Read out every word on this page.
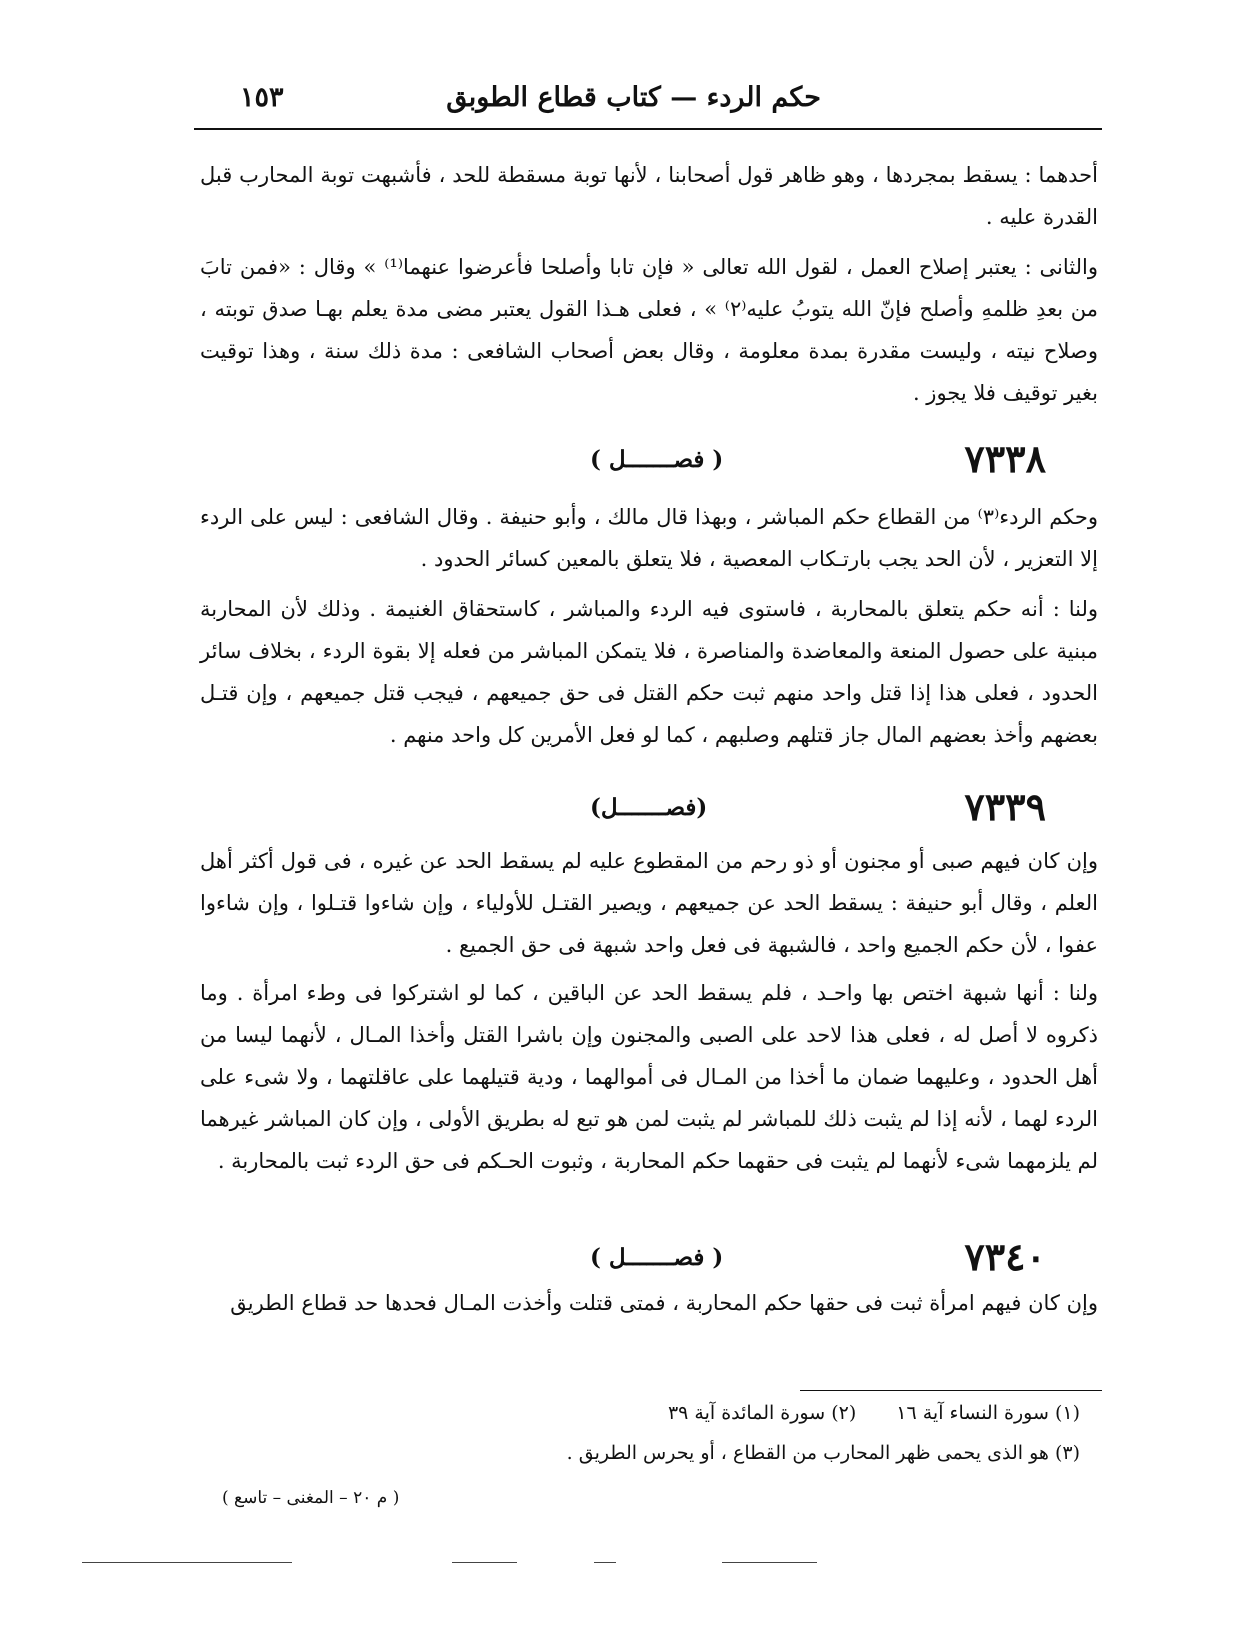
حكم الردء — كتاب قطاع الطوبق
١٥٣

أحدهما : يسقط بمجردها ، وهو ظاهر قول أصحابنا ، لأنها توبة مسقطة للحد ، فأشبهت توبة المحارب قبل القدرة عليه .

والثانى : يعتبر إصلاح العمل ، لقول الله تعالى « فإن تابا وأصلحا فأعرضوا عنهما⁽¹⁾ » وقال : «فمن تابَ من بعدِ ظلمهِ وأصلح فإنّ الله يتوبُ عليه⁽٢⁾ » ، فعلى هـذا القول يعتبر مضى مدة يعلم بهـا صدق توبته ، وصلاح نيته ، وليست مقدرة بمدة معلومة ، وقال بعض أصحاب الشافعى : مدة ذلك سنة ، وهذا توقيت بغير توقيف فلا يجوز .

٧٣٣٨
( فصـــــــل )

وحكم الردء⁽٣⁾ من القطاع حكم المباشر ، وبهذا قال مالك ، وأبو حنيفة . وقال الشافعى : ليس على الردء إلا التعزير ، لأن الحد يجب بارتـكاب المعصية ، فلا يتعلق بالمعين كسائر الحدود .

ولنا : أنه حكم يتعلق بالمحاربة ، فاستوى فيه الردء والمباشر ، كاستحقاق الغنيمة . وذلك لأن المحاربة مبنية على حصول المنعة والمعاضدة والمناصرة ، فلا يتمكن المباشر من فعله إلا بقوة الردء ، بخلاف سائر الحدود ، فعلى هذا إذا قتل واحد منهم ثبت حكم القتل فى حق جميعهم ، فيجب قتل جميعهم ، وإن قتـل بعضهم وأخذ بعضهم المال جاز قتلهم وصلبهم ، كما لو فعل الأمرين كل واحد منهم .

٧٣٣٩
(فصـــــــل)

وإن كان فيهم صبى أو مجنون أو ذو رحم من المقطوع عليه لم يسقط الحد عن غيره ، فى قول أكثر أهل العلم ، وقال أبو حنيفة : يسقط الحد عن جميعهم ، ويصير القتـل للأولياء ، وإن شاءوا قتـلوا ، وإن شاءوا عفوا ، لأن حكم الجميع واحد ، فالشبهة فى فعل واحد شبهة فى حق الجميع .

ولنا : أنها شبهة اختص بها واحـد ، فلم يسقط الحد عن الباقين ، كما لو اشتركوا فى وطء امرأة . وما ذكروه لا أصل له ، فعلى هذا لاحد على الصبى والمجنون وإن باشرا القتل وأخذا المـال ، لأنهما ليسا من أهل الحدود ، وعليهما ضمان ما أخذا من المـال فى أموالهما ، ودية قتيلهما على عاقلتهما ، ولا شىء على الردء لهما ، لأنه إذا لم يثبت ذلك للمباشر لم يثبت لمن هو تبع له بطريق الأولى ، وإن كان المباشر غيرهما لم يلزمهما شىء لأنهما لم يثبت فى حقهما حكم المحاربة ، وثبوت الحـكم فى حق الردء ثبت بالمحاربة .

٧٣٤٠
( فصـــــــل )

وإن كان فيهم امرأة ثبت فى حقها حكم المحاربة ، فمتى قتلت وأخذت المـال فحدها حد قطاع الطريق

(١) سورة النساء آية ١٦
(٢) سورة المائدة آية ٣٩
(٣) هو الذى يحمى ظهر المحارب من القطاع ، أو يحرس الطريق .
( م ٢٠ – المغنى – تاسع )
